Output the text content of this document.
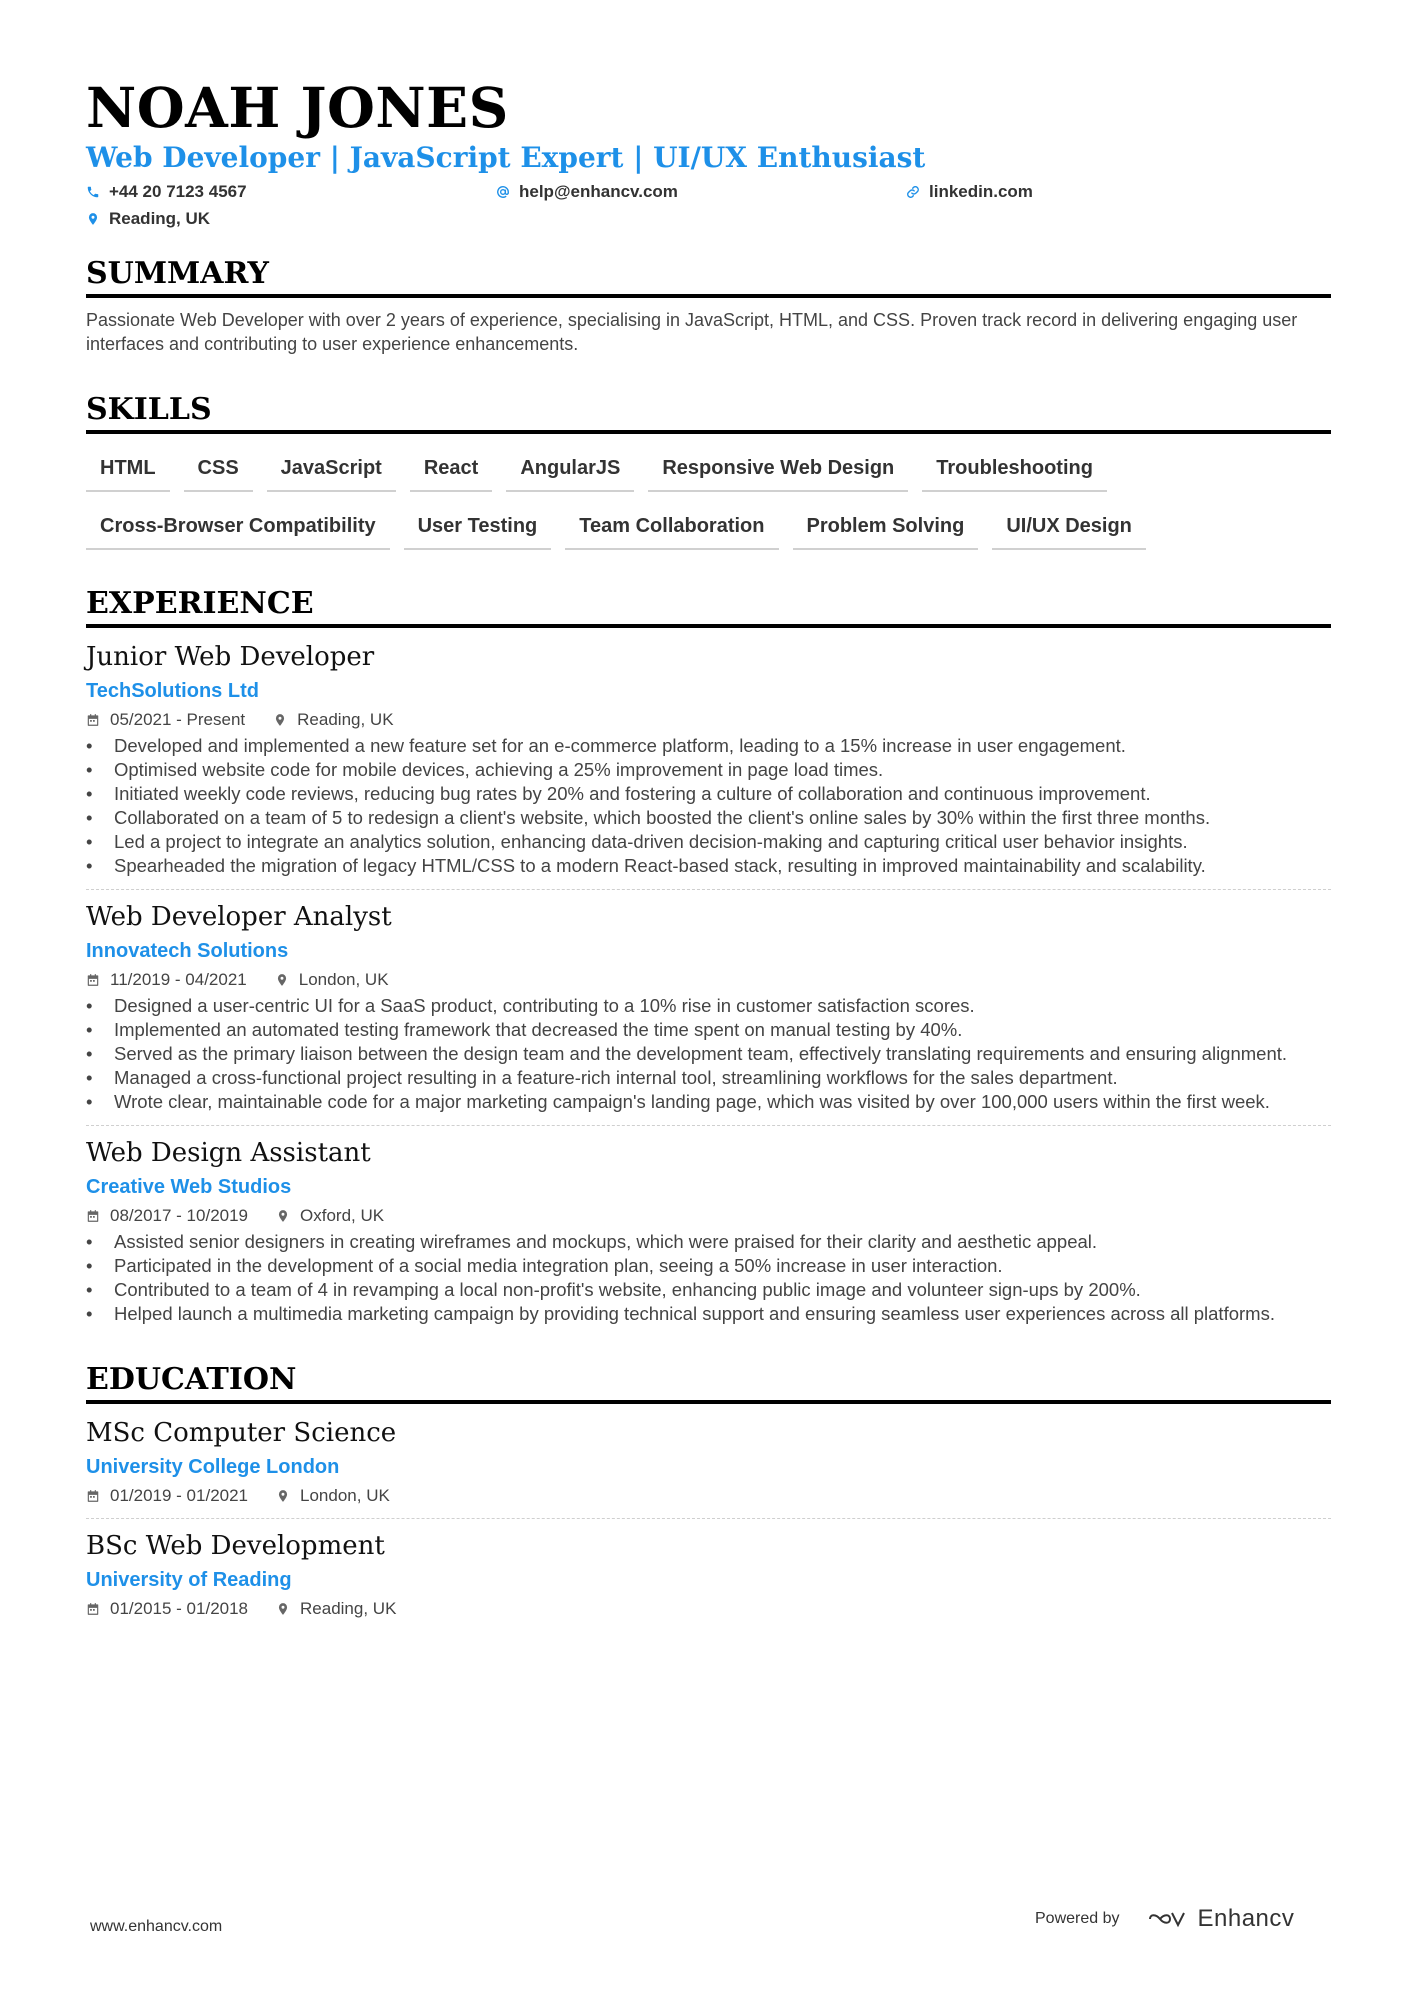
NOAH JONES
Web Developer | JavaScript Expert | UI/UX Enthusiast
+44 20 7123 4567	help@enhancv.com	linkedin.com
Reading, UK
SUMMARY

Passionate Web Developer with over 2 years of experience, specialising in JavaScript, HTML, and CSS. Proven track record in delivering engaging user interfaces and contributing to user experience enhancements.

SKILLS
HTML	CSS	JavaScript	React	AngularJS	Responsive Web Design	Troubleshooting
Cross-Browser Compatibility	User Testing	Team Collaboration	Problem Solving	UI/UX Design
EXPERIENCE
Junior Web Developer
TechSolutions Ltd
05/2021 - Present	Reading, UK
• Developed and implemented a new feature set for an e-commerce platform, leading to a 15% increase in user engagement.
• Optimised website code for mobile devices, achieving a 25% improvement in page load times.
• Initiated weekly code reviews, reducing bug rates by 20% and fostering a culture of collaboration and continuous improvement.
• Collaborated on a team of 5 to redesign a client's website, which boosted the client's online sales by 30% within the first three months.
• Led a project to integrate an analytics solution, enhancing data-driven decision-making and capturing critical user behavior insights.
• Spearheaded the migration of legacy HTML/CSS to a modern React-based stack, resulting in improved maintainability and scalability.
Web Developer Analyst
Innovatech Solutions
11/2019 - 04/2021	London, UK
• Designed a user-centric UI for a SaaS product, contributing to a 10% rise in customer satisfaction scores.
• Implemented an automated testing framework that decreased the time spent on manual testing by 40%.
• Served as the primary liaison between the design team and the development team, effectively translating requirements and ensuring alignment.
• Managed a cross-functional project resulting in a feature-rich internal tool, streamlining workflows for the sales department.
• Wrote clear, maintainable code for a major marketing campaign's landing page, which was visited by over 100,000 users within the first week.
Web Design Assistant
Creative Web Studios
08/2017 - 10/2019	Oxford, UK
• Assisted senior designers in creating wireframes and mockups, which were praised for their clarity and aesthetic appeal.
• Participated in the development of a social media integration plan, seeing a 50% increase in user interaction.
• Contributed to a team of 4 in revamping a local non-profit's website, enhancing public image and volunteer sign-ups by 200%.
• Helped launch a multimedia marketing campaign by providing technical support and ensuring seamless user experiences across all platforms.
EDUCATION
MSc Computer Science
University College London
01/2019 - 01/2021	London, UK
BSc Web Development
University of Reading
01/2015 - 01/2018	Reading, UK
www.enhancv.com	Powered by	Enhancv
